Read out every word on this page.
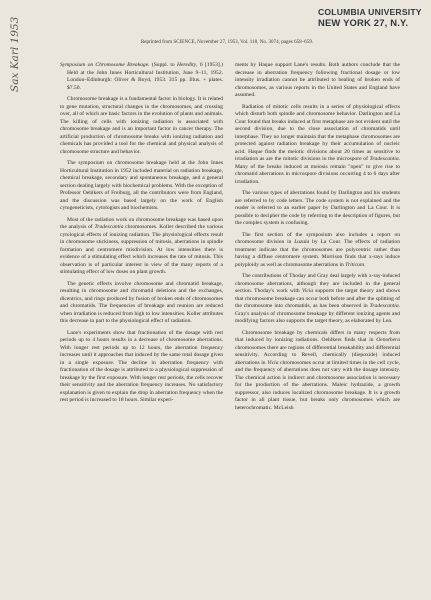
▔▔▔▔▔▔▔▔▔▔▔▔▔▔▔▔▔
COLUMBIA UNIVERSITY
NEW YORK 27, N.Y.
Sax Karl 1953	Reprinted from SCIENCE, November 27, 1953, Vol. 118, No. 3074, pages 658–659.

Symposium on Chromosome Breakage. (Suppl. to Heredity, 6 [1953].) Held at the John Innes Horticultural Institution, June 9–11, 1952. London–Edinburgh: Oliver & Boyd, 1953. 315 pp. Illus. + plates. $7.50.

Chromosome breakage is a fundamental factor in biology. It is related to gene mutation, structural changes in the chromosomes, and crossing over, all of which are basic factors in the evolution of plants and animals. The killing of cells with ionizing radiation is associated with chromosome breakage and is an important factor in cancer therapy. The artificial production of chromosome breaks with ionizing radiation and chemicals has provided a tool for the chemical and physical analysis of chromosome structure and behavior.

The symposium on chromosome breakage held at the John Innes Horticultural Institution in 1952 included material on radiation breakage, chemical breakage, secondary and spontaneous breakage, and a general section dealing largely with biochemical problems. With the exception of Professor Oehlkers of Freiburg, all the contributors were from England, and the discussion was based largely on the work of English cytogeneticists, cytologists and biochemists.

Most of the radiation work on chromosome breakage was based upon the analysis of Tradescantia chromosomes. Koller described the various cytological effects of ionizing radiation. The physiological effects result in chromosome stickiness, suppression of mitosis, aberrations in spindle formation and centromere misdivision. At low intensities there is evidence of a stimulating effect which increases the rate of mitosis. This observation is of particular interest in view of the many reports of a stimulating effect of low doses on plant growth.

The genetic effects involve chromosome and chromatid breakage, resulting in chromosome and chromatid deletions and the exchanges, dicentrics, and rings produced by fusion of broken ends of chromosomes and chromatids. The frequencies of breakage and reunion are reduced when irradiation is reduced from high to low intensities. Koller attributes this decrease in part to the physiological effect of radiation.

Lane's experiments show that fractionation of the dosage with rest periods up to 4 hours results in a decrease of chromosome aberrations. With longer rest periods up to 12 hours, the aberration frequency increases until it approaches that induced by the same total dosage given in a single exposure. The decline in aberration frequency with fractionation of the dosage is attributed to a physiological suppression of breakage by the first exposure. With longer rest periods, the cells recover their sensitivity and the aberration frequency increases. No satisfactory explanation is given to explain the drop in aberration frequency when the rest period is increased to 18 hours. Similar experi-

ments by Haque support Lane's results. Both authors conclude that the decrease in aberration frequency following fractional dosage or low intensity irradiation cannot be attributed to healing of broken ends of chromosomes, as various reports in the United States and England have assumed.

Radiation of mitotic cells results in a series of physiological effects which disturb both spindle and chromosome behavior. Darlington and La Cour found that breaks induced at first metaphase are not evident until the second division, due to the close association of chromatids until interphase. They no longer maintain that the metaphase chromosomes are protected against radiation breakage by their accumulation of nucleic acid. Haque finds the meiotic divisions about 20 times as sensitive to irradiation as are the mitotic divisions in the microspore of Tradescantia. Many of the breaks induced at meiosis remain "open" to give rise to chromatid aberrations in microspore divisions occurring 4 to 6 days after irradiation.

The various types of aberrations found by Darlington and his students are referred to by code letters. The code system is not explained and the reader is referred to an earlier paper by Darlington and La Cour. It is possible to decipher the code by referring to the description of figures, but the complex system is confusing.

The first section of the symposium also includes a report on chromosome division in Luzula by La Cour. The effects of radiation treatment indicate that the chromosomes are polycentric rather than having a diffuse centromere system. Morrison finds that x-rays induce polyploidy as well as chromosome aberrations in Triticum.

The contributions of Thoday and Gray deal largely with x-ray-induced chromosome aberrations, although they are included in the general section. Thoday's work with Vicia supports the target theory and shows that chromosome breakage can occur both before and after the splitting of the chromosome into chromatids, as has been observed in Tradescantia. Gray's analysis of chromosome breakage by different ionizing agents and modifying factors also supports the target theory, as elaborated by Lea.

Chromosome breakage by chemicals differs in many respects from that induced by ionizing radiations. Oehlkers finds that in Oenothera chromosomes there are regions of differential breakability and differential sensitivity. According to Revell, chemically (diepoxide) induced aberrations in Vicia chromosomes occur at limited times in the cell cycle, and the frequency of aberrations does not vary with the dosage intensity. The chemical action is indirect and chromosome association is necessary for the production of the aberrations. Maleic hydrazide, a growth suppressor, also induces localized chromosome breakage. It is a growth factor in all plant tissue, but breaks only chromosomes which are heterochromatic. McLeish
